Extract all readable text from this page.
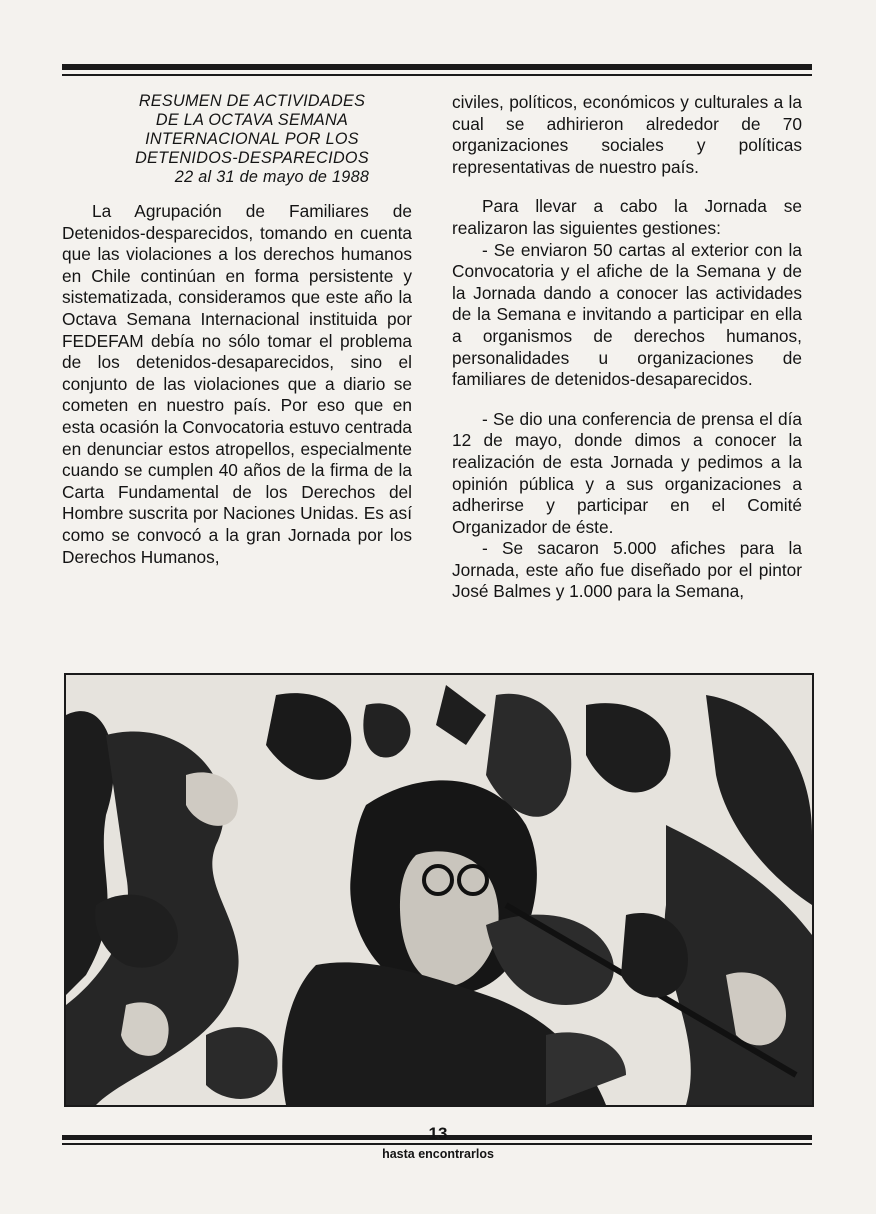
RESUMEN DE ACTIVIDADES
DE LA OCTAVA SEMANA
INTERNACIONAL POR LOS
DETENIDOS-DESPARECIDOS
22 al 31 de mayo de 1988

La Agrupación de Familiares de Detenidos-desparecidos, tomando en cuenta que las violaciones a los derechos humanos en Chile continúan en forma persistente y sistematizada, consideramos que este año la Octava Semana Internacional instituida por FEDEFAM debía no sólo tomar el problema de los detenidos-desaparecidos, sino el conjunto de las violaciones que a diario se cometen en nuestro país. Por eso que en esta ocasión la Convocatoria estuvo centrada en denunciar estos atropellos, especialmente cuando se cumplen 40 años de la firma de la Carta Fundamental de los Derechos del Hombre suscrita por Naciones Unidas. Es así como se convocó a la gran Jornada por los Derechos Humanos,

civiles, políticos, económicos y culturales a la cual se adhirieron alrededor de 70 organizaciones sociales y políticas representativas de nuestro país.

Para llevar a cabo la Jornada se realizaron las siguientes gestiones:

- Se enviaron 50 cartas al exterior con la Convocatoria y el afiche de la Semana y de la Jornada dando a conocer las actividades de la Semana e invitando a participar en ella a organismos de derechos humanos, personalidades u organizaciones de familiares de detenidos-desaparecidos.

- Se dio una conferencia de prensa el día 12 de mayo, donde dimos a conocer la realización de esta Jornada y pedimos a la opinión pública y a sus organizaciones a adherirse y participar en el Comité Organizador de éste.

- Se sacaron 5.000 afiches para la Jornada, este año fue diseñado por el pintor José Balmes y 1.000 para la Semana,

13
hasta encontrarlos
